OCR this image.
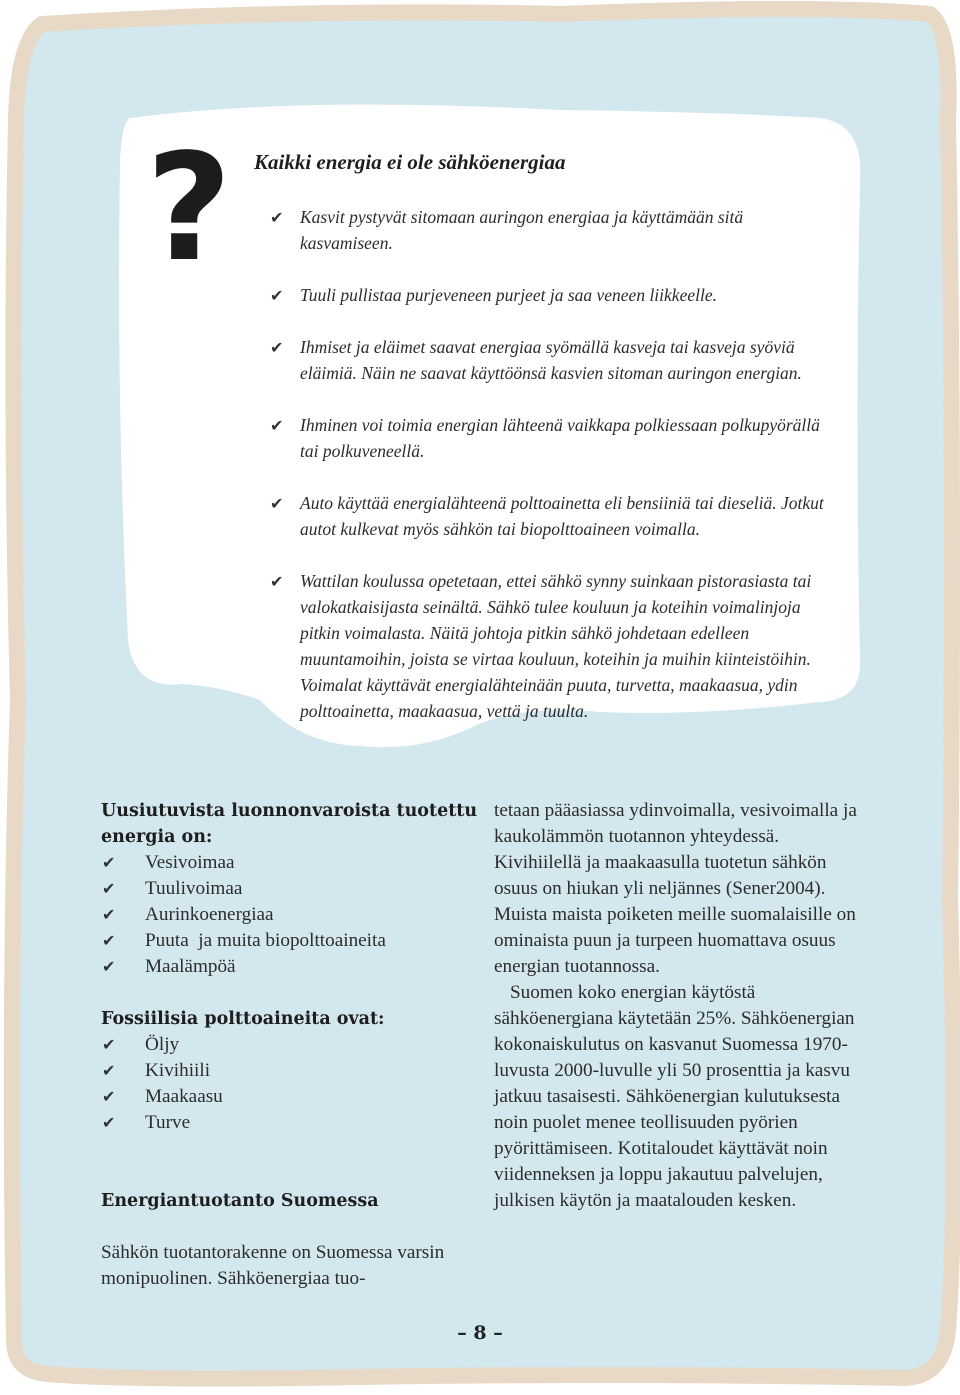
? Kaikki energia ei ole sähköenergiaa
✔ Kasvit pystyvät sitomaan auringon energiaa ja käyttämään sitä kasvamiseen.
✔ Tuuli pullistaa purjeveneen purjeet ja saa veneen liikkeelle.
✔ Ihmiset ja eläimet saavat energiaa syömällä kasveja tai kasveja syöviä eläimiä. Näin ne saavat käyttöönsä kasvien sitoman auringon energian.
✔ Ihminen voi toimia energian lähteenä vaikkapa polkiessaan polkupyörällä tai polkuveneellä.
✔ Auto käyttää energialähteenä polttoainetta eli bensiiniä tai dieseliä. Jotkut autot kulkevat myös sähkön tai biopolttoaineen voimalla.
✔ Wattilan koulussa opetetaan, ettei sähkö synny suinkaan pistorasiasta tai valokatkaisijasta seinältä. Sähkö tulee kouluun ja koteihin voimalinjoja pitkin voimalasta. Näitä johtoja pitkin sähkö johdetaan edelleen muuntamoihin, joista se virtaa kouluun, koteihin ja muihin kiinteistöihin. Voimalat käyttävät energialähteinään puuta, turvetta, maakaasua, ydin polttoainetta, maakaasua, vettä ja tuulta.
Uusiutuvista luonnonvaroista tuotettu energia on:
✔ Vesivoimaa
✔ Tuulivoimaa
✔ Aurinkoenergiaa
✔ Puuta  ja muita biopolttoaineita
✔ Maalämpöä
Fossiilisia polttoaineita ovat:
✔ Öljy
✔ Kivihiili
✔ Maakaasu
✔ Turve
Energiantuotanto Suomessa

Sähkön tuotantorakenne on Suomessa varsin monipuolinen. Sähköenergiaa tuo-

tetaan pääasiassa ydinvoimalla, vesivoimalla ja kaukolämmön tuotannon yhteydessä. Kivihiilellä ja maakaasulla tuotetun sähkön osuus on hiukan yli neljännes (Sener2004). Muista maista poiketen meille suomalaisille on ominaista puun ja turpeen huomattava osuus energian tuotannossa.

Suomen koko energian käytöstä sähköenergiana käytetään 25%. Sähköenergian kokonaiskulutus on kasvanut Suomessa 1970-luvusta 2000-luvulle yli 50 prosenttia ja kasvu jatkuu tasaisesti. Sähköenergian kulutuksesta noin puolet menee teollisuuden pyörien pyörittämiseen. Kotitaloudet käyttävät noin viidenneksen ja loppu jakautuu palvelujen, julkisen käytön ja maatalouden kesken.

– 8 –
